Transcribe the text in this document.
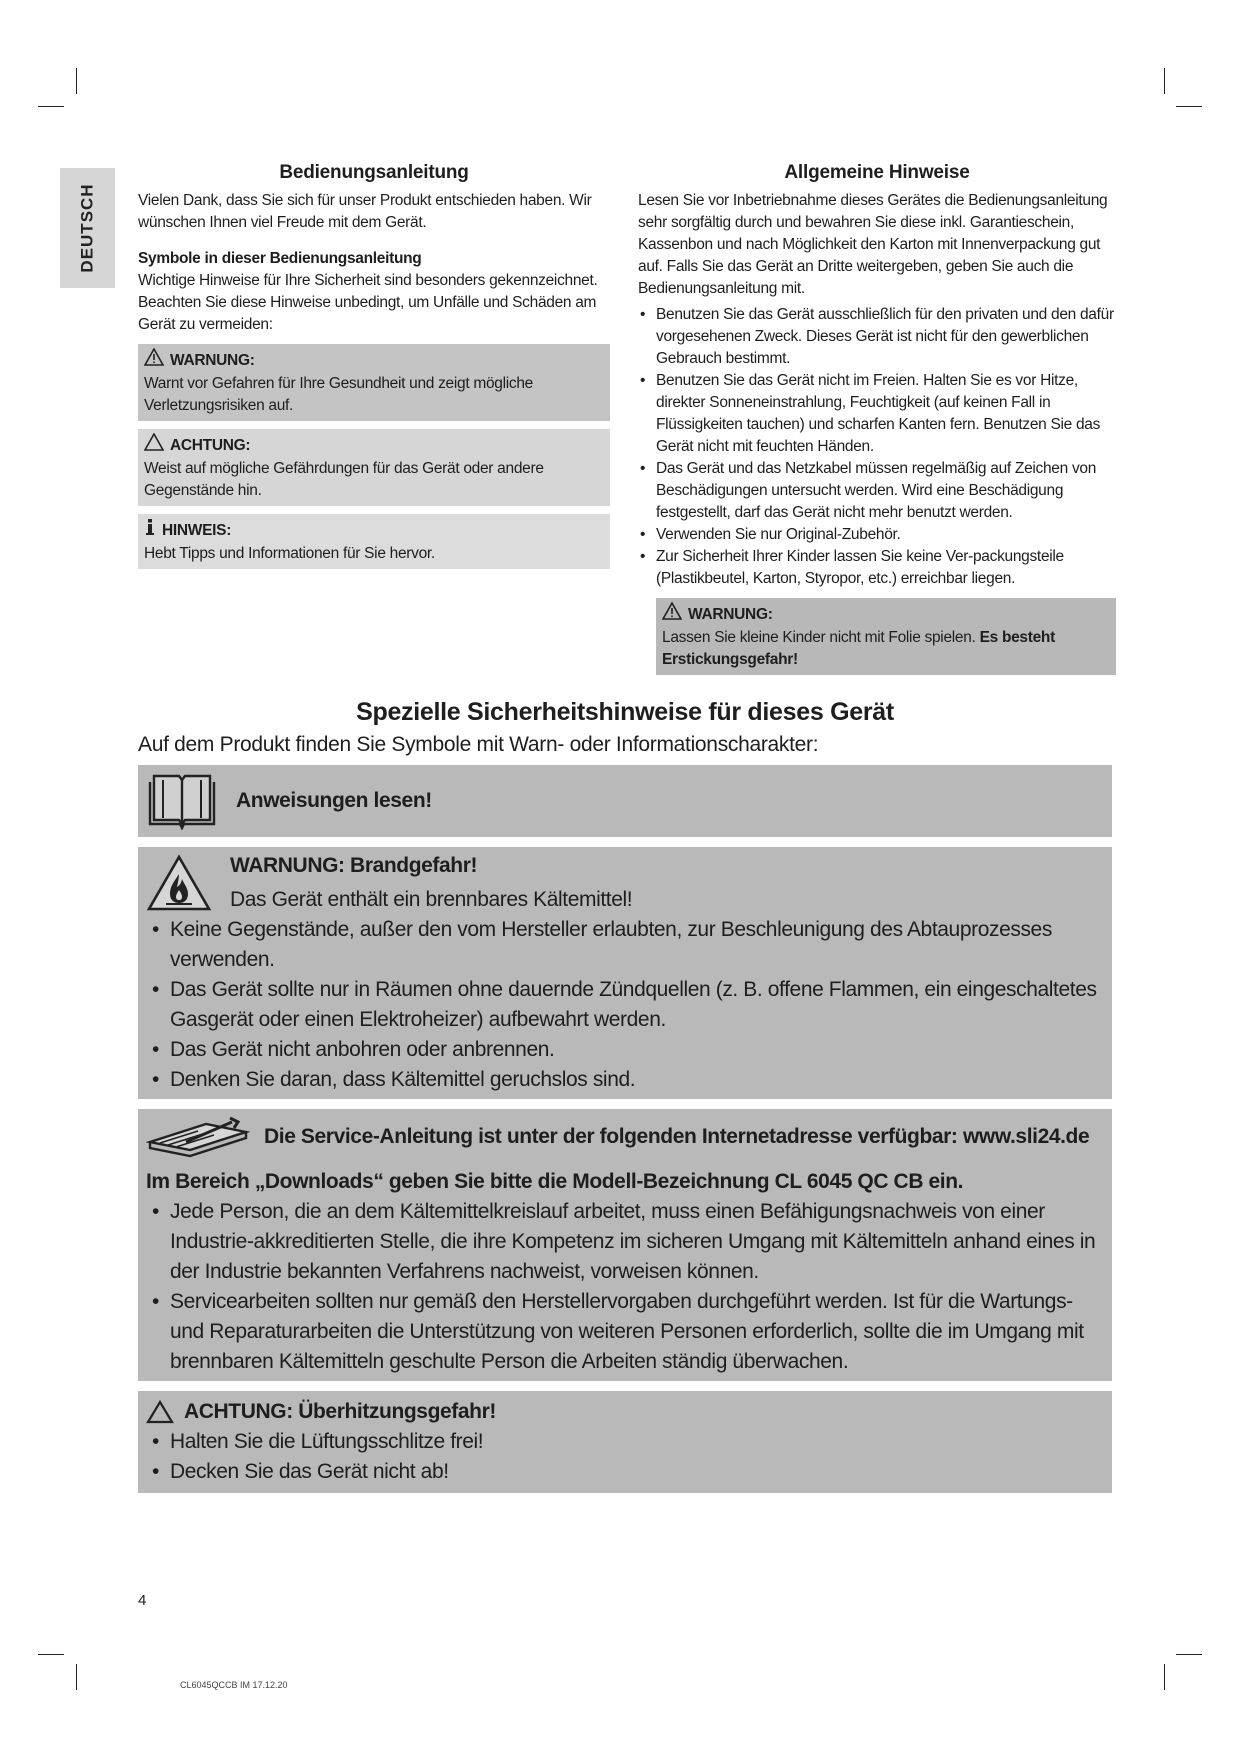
DEUTSCH
Bedienungsanleitung

Vielen Dank, dass Sie sich für unser Produkt entschieden haben. Wir wünschen Ihnen viel Freude mit dem Gerät.

Symbole in dieser Bedienungsanleitung

Wichtige Hinweise für Ihre Sicherheit sind besonders gekennzeichnet. Beachten Sie diese Hinweise unbedingt, um Unfälle und Schäden am Gerät zu vermeiden:

WARNUNG:

Warnt vor Gefahren für Ihre Gesundheit und zeigt mögliche Verletzungsrisiken auf.

ACHTUNG:

Weist auf mögliche Gefährdungen für das Gerät oder andere Gegenstände hin.

HINWEIS:

Hebt Tipps und Informationen für Sie hervor.

Allgemeine Hinweise

Lesen Sie vor Inbetriebnahme dieses Gerätes die Bedienungsanleitung sehr sorgfältig durch und bewahren Sie diese inkl. Garantieschein, Kassenbon und nach Möglichkeit den Karton mit Innenverpackung gut auf. Falls Sie das Gerät an Dritte weitergeben, geben Sie auch die Bedienungsanleitung mit.

• Benutzen Sie das Gerät ausschließlich für den privaten und den dafür vorgesehenen Zweck. Dieses Gerät ist nicht für den gewerblichen Gebrauch bestimmt.
• Benutzen Sie das Gerät nicht im Freien. Halten Sie es vor Hitze, direkter Sonneneinstrahlung, Feuchtigkeit (auf keinen Fall in Flüssigkeiten tauchen) und scharfen Kanten fern. Benutzen Sie das Gerät nicht mit feuchten Händen.
• Das Gerät und das Netzkabel müssen regelmäßig auf Zeichen von Beschädigungen untersucht werden. Wird eine Beschädigung festgestellt, darf das Gerät nicht mehr benutzt werden.
• Verwenden Sie nur Original-Zubehör.
• Zur Sicherheit Ihrer Kinder lassen Sie keine Ver-packungsteile (Plastikbeutel, Karton, Styropor, etc.) erreichbar liegen.
WARNUNG:

Lassen Sie kleine Kinder nicht mit Folie spielen. Es besteht Erstickungsgefahr!

Spezielle Sicherheitshinweise für dieses Gerät

Auf dem Produkt finden Sie Symbole mit Warn- oder Informationscharakter:

Anweisungen lesen!
WARNUNG: Brandgefahr!
Das Gerät enthält ein brennbares Kältemittel!
• Keine Gegenstände, außer den vom Hersteller erlaubten, zur Beschleunigung des Abtauprozesses verwenden.
• Das Gerät sollte nur in Räumen ohne dauernde Zündquellen (z. B. offene Flammen, ein eingeschaltetes Gasgerät oder einen Elektroheizer) aufbewahrt werden.
• Das Gerät nicht anbohren oder anbrennen.
• Denken Sie daran, dass Kältemittel geruchslos sind.
Die Service-Anleitung ist unter der folgenden Internetadresse verfügbar: www.sli24.de
Im Bereich „Downloads“ geben Sie bitte die Modell-Bezeichnung CL 6045 QC CB ein.
• Jede Person, die an dem Kältemittelkreislauf arbeitet, muss einen Befähigungsnachweis von einer Industrie-akkreditierten Stelle, die ihre Kompetenz im sicheren Umgang mit Kältemitteln anhand eines in der Industrie bekannten Verfahrens nachweist, vorweisen können.
• Servicearbeiten sollten nur gemäß den Herstellervorgaben durchgeführt werden. Ist für die Wartungs- und Reparaturarbeiten die Unterstützung von weiteren Personen erforderlich, sollte die im Umgang mit brennbaren Kältemitteln geschulte Person die Arbeiten ständig überwachen.
ACHTUNG: Überhitzungsgefahr!
• Halten Sie die Lüftungsschlitze frei!
• Decken Sie das Gerät nicht ab!
4
CL6045QCCB IM 17.12.20
